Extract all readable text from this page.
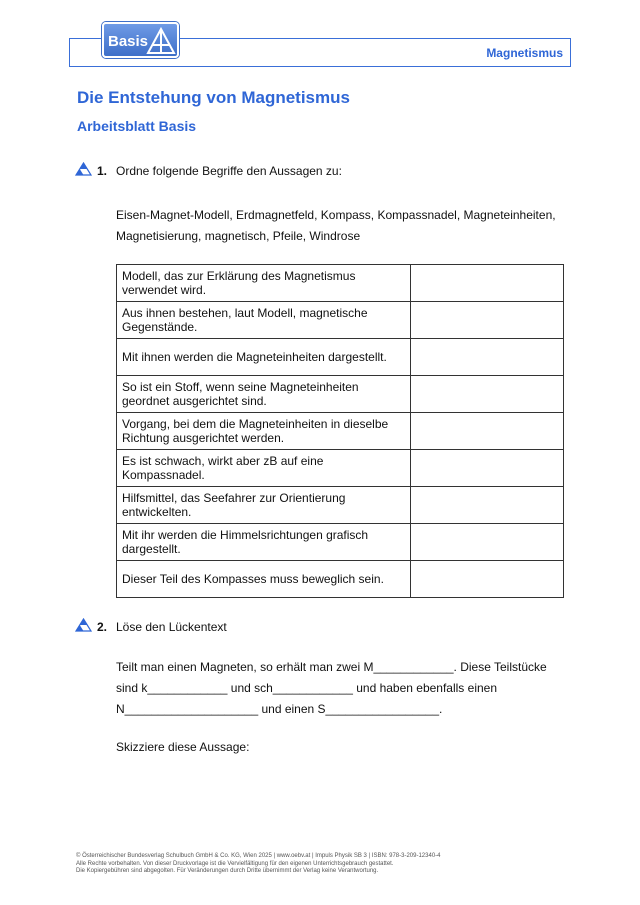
Magnetismus
Basis
Die Entstehung von Magnetismus
Arbeitsblatt Basis
1. Ordne folgende Begriffe den Aussagen zu:
Eisen-Magnet-Modell, Erdmagnetfeld, Kompass, Kompassnadel, Magneteinheiten,
Magnetisierung, magnetisch, Pfeile, Windrose
Modell, das zur Erklärung des Magnetismus verwendet wird.	
Aus ihnen bestehen, laut Modell, magnetische Gegenstände.	
Mit ihnen werden die Magneteinheiten dargestellt.	
So ist ein Stoff, wenn seine Magneteinheiten geordnet ausgerichtet sind.	
Vorgang, bei dem die Magneteinheiten in dieselbe Richtung ausgerichtet werden.	
Es ist schwach, wirkt aber zB auf eine Kompassnadel.	
Hilfsmittel, das Seefahrer zur Orientierung entwickelten.	
Mit ihr werden die Himmelsrichtungen grafisch dargestellt.	
Dieser Teil des Kompasses muss beweglich sein.	
2. Löse den Lückentext
Teilt man einen Magneten, so erhält man zwei M____________. Diese Teilstücke
sind k____________ und sch____________ und haben ebenfalls einen
N____________________ und einen S_________________.
Skizziere diese Aussage:
© Österreichischer Bundesverlag Schulbuch GmbH & Co. KG, Wien 2025 | www.oebv.at | Impuls Physik SB 3 | ISBN: 978-3-209-12340-4
Alle Rechte vorbehalten. Von dieser Druckvorlage ist die Vervielfältigung für den eigenen Unterrichtsgebrauch gestattet.
Die Kopiergebühren sind abgegolten. Für Veränderungen durch Dritte übernimmt der Verlag keine Verantwortung.
